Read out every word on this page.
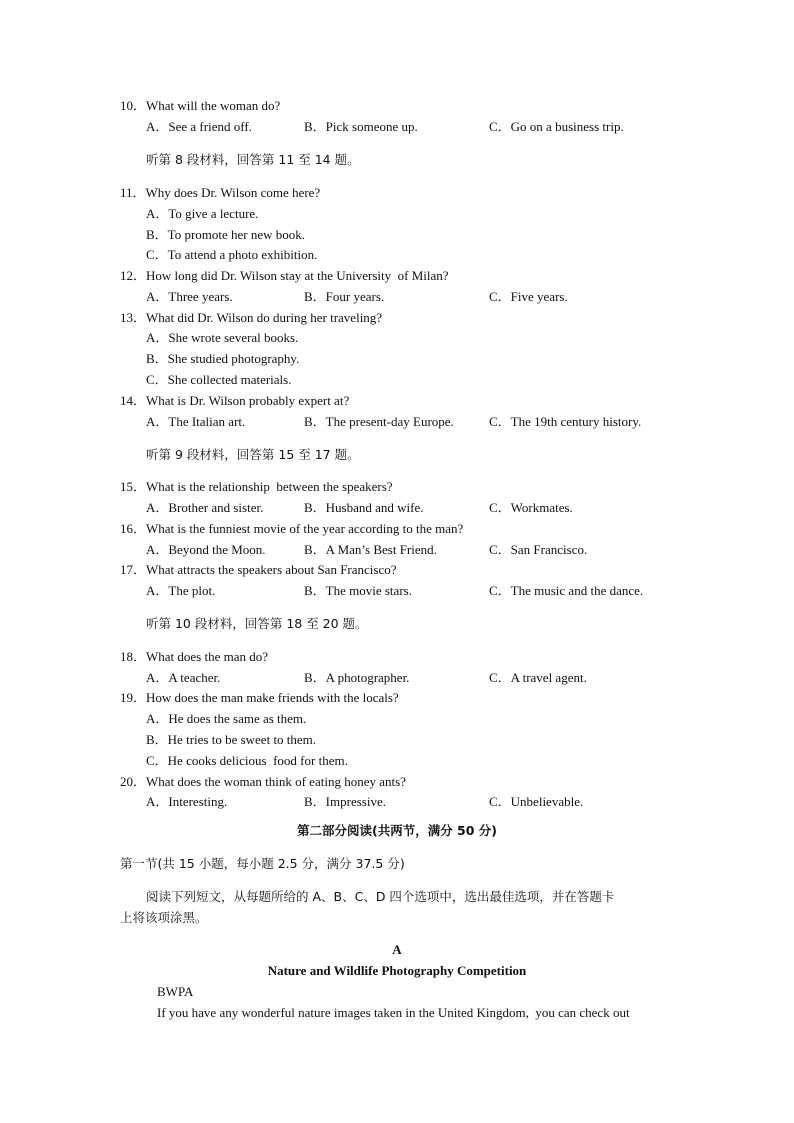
10．What will the woman do?
A．See a friend off.	B．Pick someone up.	C．Go on a business trip.
听第 8 段材料，回答第 11 至 14 题。
11．Why does Dr. Wilson come here?
A．To give a lecture.
B．To promote her new book.
C．To attend a photo exhibition.
12．How long did Dr. Wilson stay at the University  of Milan?
A．Three years.	B．Four years.	C．Five years.
13．What did Dr. Wilson do during her traveling?
A．She wrote several books.
B．She studied photography.
C．She collected materials.
14．What is Dr. Wilson probably expert at?
A．The Italian art.	B．The present-day Europe.	C．The 19th century history.
听第 9 段材料，回答第 15 至 17 题。
15．What is the relationship  between the speakers?
A．Brother and sister.	B．Husband and wife.	C．Workmates.
16．What is the funniest movie of the year according to the man?
A．Beyond the Moon.	B．A Man’s Best Friend.	C．San Francisco.
17．What attracts the speakers about San Francisco?
A．The plot.	B．The movie stars.	C．The music and the dance.
听第 10 段材料，回答第 18 至 20 题。
18．What does the man do?
A．A teacher.	B．A photographer.	C．A travel agent.
19．How does the man make friends with the locals?
A．He does the same as them.
B．He tries to be sweet to them.
C．He cooks delicious  food for them.
20．What does the woman think of eating honey ants?
A．Interesting.	B．Impressive.	C．Unbelievable.
第二部分阅读(共两节，满分 50 分)
第一节(共 15 小题，每小题 2.5 分，满分 37.5 分)
阅读下列短文，从每题所给的 A、B、C、D 四个选项中，选出最佳选项，并在答题卡
上将该项涂黑。
A
Nature and Wildlife Photography Competition
BWPA
If you have any wonderful nature images taken in the United Kingdom,  you can check out
